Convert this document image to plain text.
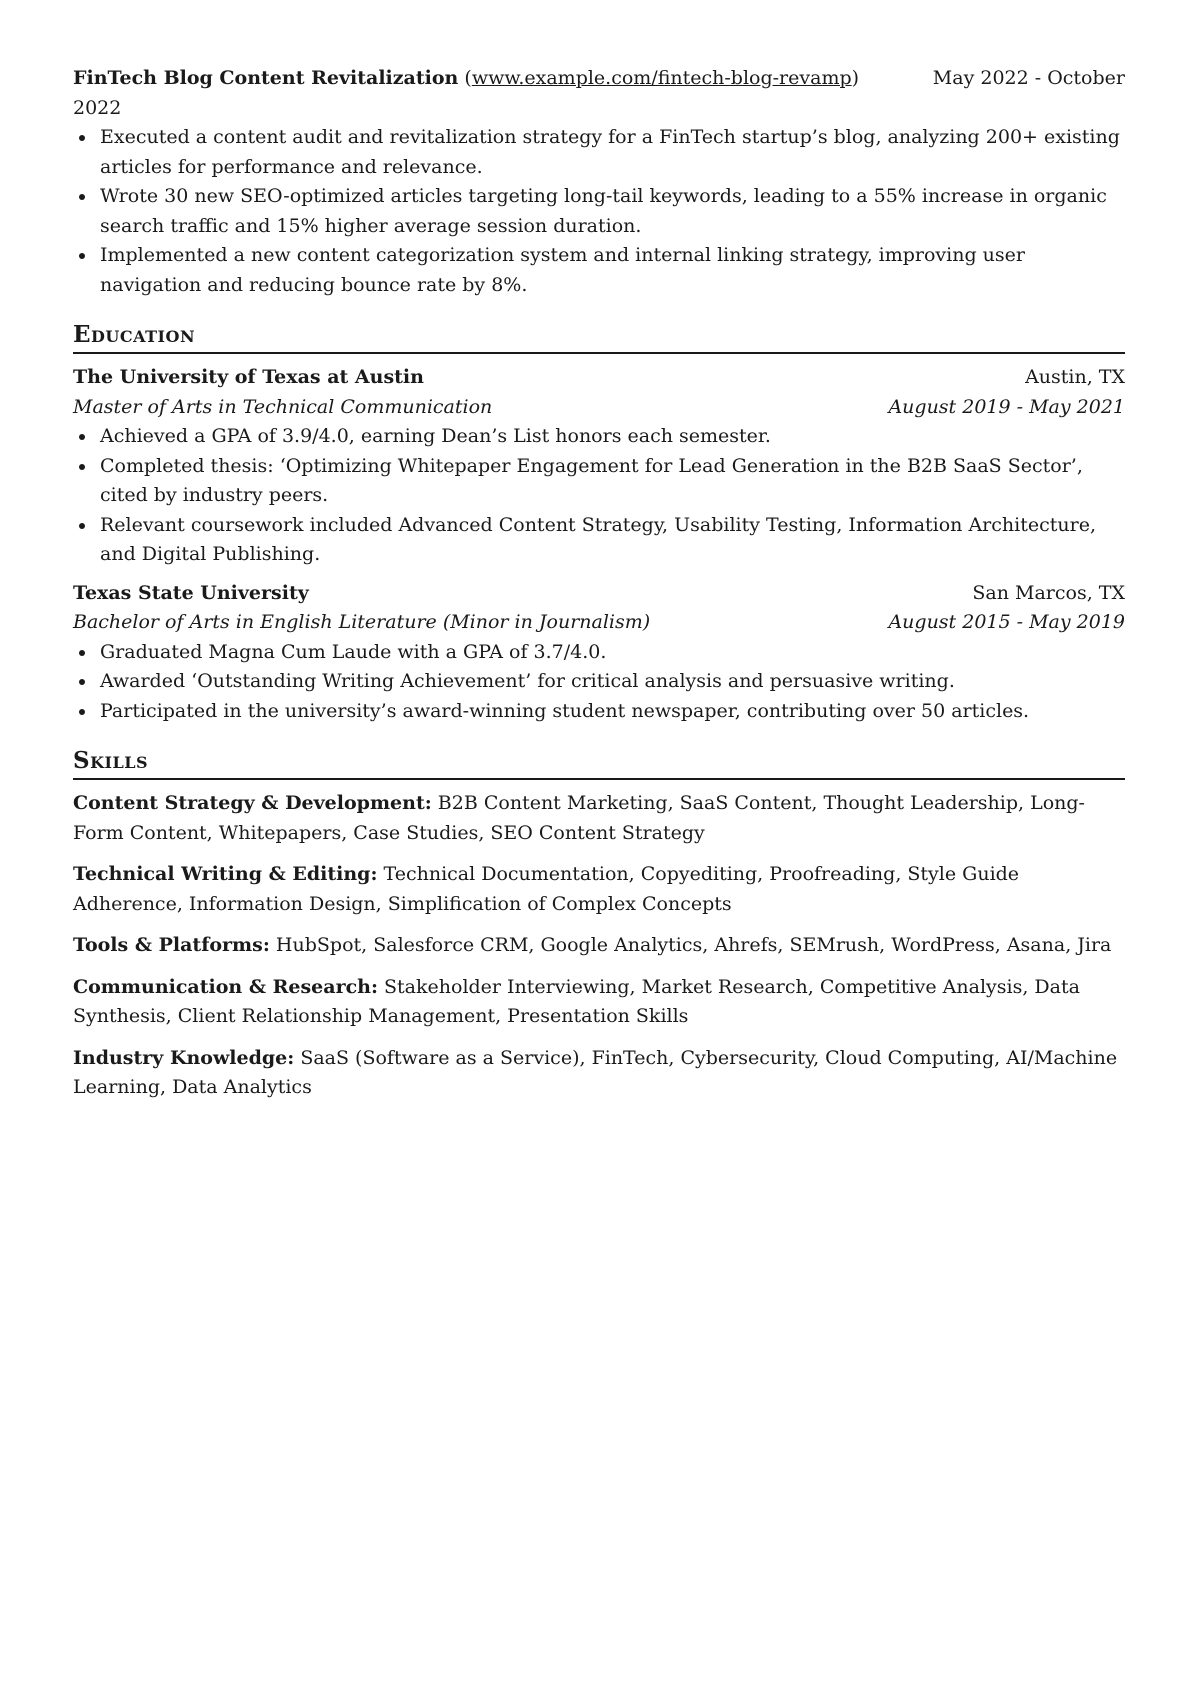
FinTech Blog Content Revitalization (www.example.com/fintech-blog-revamp)	May 2022 - October
2022
Executed a content audit and revitalization strategy for a FinTech startup’s blog, analyzing 200+ existing articles for performance and relevance.
Wrote 30 new SEO-optimized articles targeting long-tail keywords, leading to a 55% increase in organic search traffic and 15% higher average session duration.
Implemented a new content categorization system and internal linking strategy, improving user navigation and reducing bounce rate by 8%.
Education
The University of Texas at Austin	Austin, TX
Master of Arts in Technical Communication	August 2019 - May 2021
Achieved a GPA of 3.9/4.0, earning Dean’s List honors each semester.
Completed thesis: ‘Optimizing Whitepaper Engagement for Lead Generation in the B2B SaaS Sector’, cited by industry peers.
Relevant coursework included Advanced Content Strategy, Usability Testing, Information Architecture, and Digital Publishing.
Texas State University	San Marcos, TX
Bachelor of Arts in English Literature (Minor in Journalism)	August 2015 - May 2019
Graduated Magna Cum Laude with a GPA of 3.7/4.0.
Awarded ‘Outstanding Writing Achievement’ for critical analysis and persuasive writing.
Participated in the university’s award-winning student newspaper, contributing over 50 articles.
Skills
Content Strategy & Development: B2B Content Marketing, SaaS Content, Thought Leadership, Long-Form Content, Whitepapers, Case Studies, SEO Content Strategy
Technical Writing & Editing: Technical Documentation, Copyediting, Proofreading, Style Guide Adherence, Information Design, Simplification of Complex Concepts
Tools & Platforms: HubSpot, Salesforce CRM, Google Analytics, Ahrefs, SEMrush, WordPress, Asana, Jira
Communication & Research: Stakeholder Interviewing, Market Research, Competitive Analysis, Data Synthesis, Client Relationship Management, Presentation Skills
Industry Knowledge: SaaS (Software as a Service), FinTech, Cybersecurity, Cloud Computing, AI/Machine Learning, Data Analytics
